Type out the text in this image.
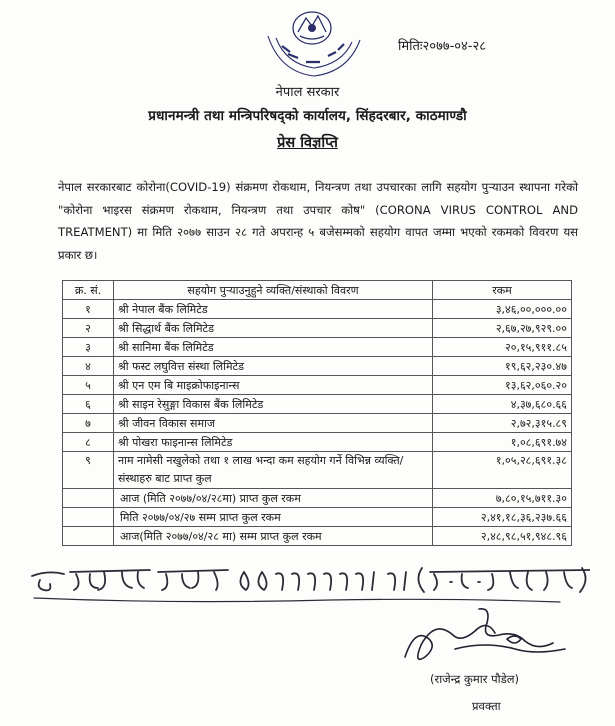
मितिः२०७७-०४-२८
नेपाल सरकार
प्रधानमन्त्री तथा मन्त्रिपरिषद्को कार्यालय, सिंहदरबार, काठमाण्डौ
प्रेस विज्ञप्ति
नेपाल सरकारबाट कोरोना(COVID-19) संक्रमण रोकथाम, नियन्त्रण तथा उपचारका लागि सहयोग पुर्‍याउन स्थापना गरेको "कोरोना भाइरस संक्रमण रोकथाम, नियन्त्रण तथा उपचार कोष" (CORONA VIRUS CONTROL AND TREATMENT) मा मिति २०७७ साउन २८ गते अपरान्ह ५ बजेसम्मको सहयोग वापत जम्मा भएको रकमको विवरण यस प्रकार छ।
क्र. सं.	सहयोग पुर्‍याउनुहुने व्यक्ति/संस्थाको विवरण	रकम
१	श्री नेपाल बैंक लिमिटेड	३,४६,००,०००.००
२	श्री सिद्धार्थ बैंक लिमिटेड	२,६७,२७,९२९.००
३	श्री सानिमा बैंक लिमिटेड	२०,१५,९११.८५
४	श्री फस्ट लघुवित्त संस्था लिमिटेड	१९,६२,२३०.४७
५	श्री एन एम बि माइक्रोफाइनान्स	१३,६२,०६०.२०
६	श्री साइन रेसुङ्गा विकास बैंक लिमिटेड	४,३७,६८०.६६
७	श्री जीवन विकास समाज	२,७२,३१५.८९
८	श्री पोखरा फाइनान्स लिमिटेड	१,०८,६९१.७४
९	नाम नामेसी नखुलेको तथा १ लाख भन्दा कम सहयोग गर्ने विभिन्न व्यक्ति/संस्थाहरु बाट प्राप्त कुल	१,०५,२८,६९१.३८
	आज (मिति २०७७/०४/२८मा) प्राप्त कुल रकम	७,८०,१५,७११.३०
	मिति २०७७/०४/२७ सम्म प्राप्त कुल रकम	२,४१,१८,३६,२३७.६६
	आज(मिति २०७७/०४/२८ मा) सम्म प्राप्त कुल रकम	२,४८,९८,५१,९४८.९६
(राजेन्द्र कुमार पौडेल)
प्रवक्ता
